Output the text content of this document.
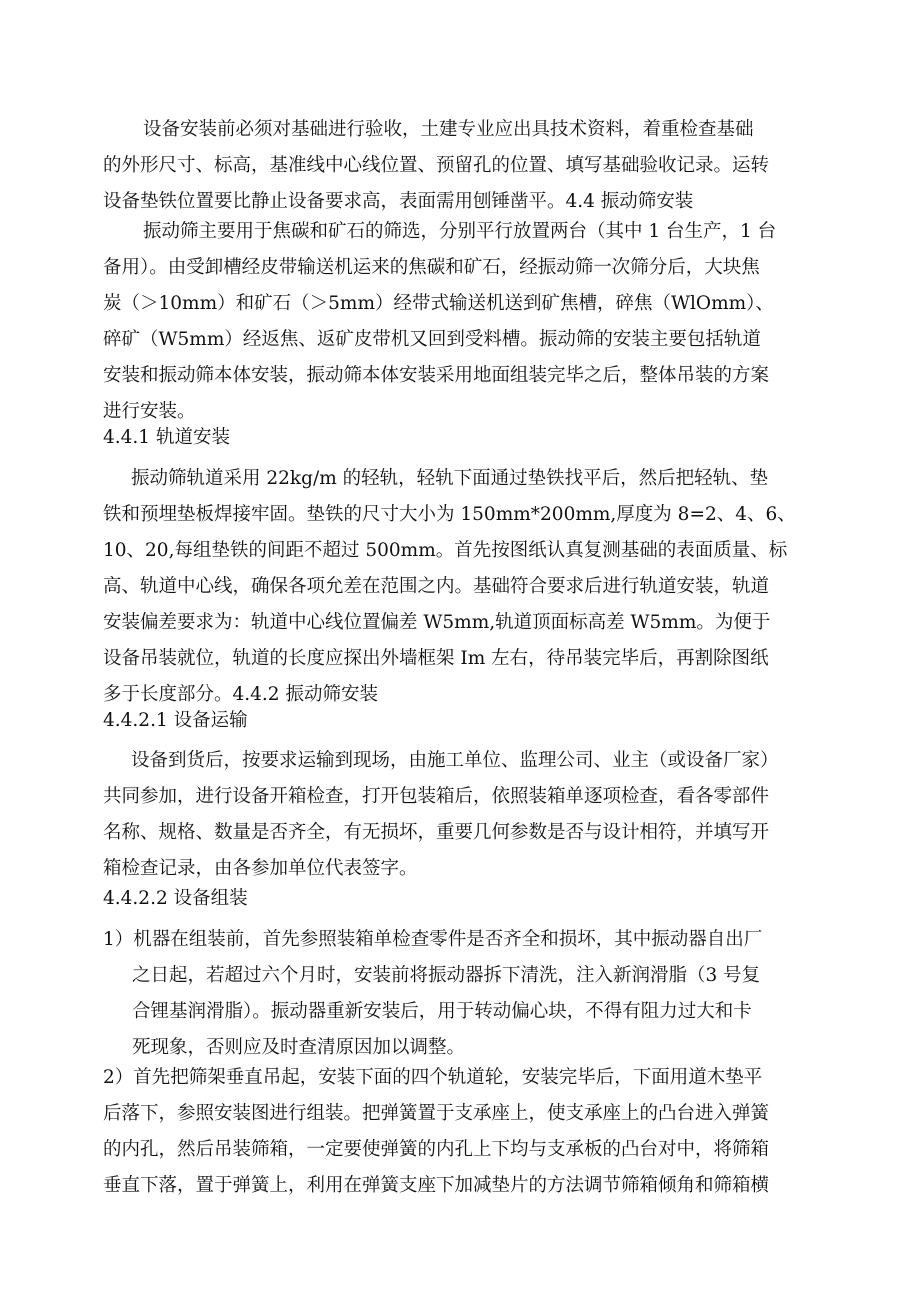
设备安装前必须对基础进行验收，土建专业应出具技术资料，着重检查基础
的外形尺寸、标高，基准线中心线位置、预留孔的位置、填写基础验收记录。运转
设备垫铁位置要比静止设备要求高，表面需用刨锤凿平。4.4 振动筛安装
振动筛主要用于焦碳和矿石的筛选，分别平行放置两台（其中 1 台生产，1 台
备用）。由受卸槽经皮带输送机运来的焦碳和矿石，经振动筛一次筛分后，大块焦
炭（＞10mm）和矿石（＞5mm）经带式输送机送到矿焦槽，碎焦（WlOmm）、
碎矿（W5mm）经返焦、返矿皮带机又回到受料槽。振动筛的安装主要包括轨道
安装和振动筛本体安装，振动筛本体安装采用地面组装完毕之后，整体吊装的方案
进行安装。
4.4.1 轨道安装
振动筛轨道采用 22kg∕m 的轻轨，轻轨下面通过垫铁找平后，然后把轻轨、垫
铁和预埋垫板焊接牢固。垫铁的尺寸大小为 150mm*200mm,厚度为 8=2、4、6、
10、20,每组垫铁的间距不超过 500mm。首先按图纸认真复测基础的表面质量、标
高、轨道中心线，确保各项允差在范围之内。基础符合要求后进行轨道安装，轨道
安装偏差要求为：轨道中心线位置偏差 W5mm,轨道顶面标高差 W5mm。为便于
设备吊装就位，轨道的长度应探出外墙框架 Im 左右，待吊装完毕后，再割除图纸
多于长度部分。4.4.2 振动筛安装
4.4.2.1 设备运输
设备到货后，按要求运输到现场，由施工单位、监理公司、业主（或设备厂家）
共同参加，进行设备开箱检查，打开包装箱后，依照装箱单逐项检查，看各零部件
名称、规格、数量是否齐全，有无损坏，重要几何参数是否与设计相符，并填写开
箱检查记录，由各参加单位代表签字。
4.4.2.2 设备组装
1）机器在组装前，首先参照装箱单检查零件是否齐全和损坏，其中振动器自出厂
之日起，若超过六个月时，安装前将振动器拆下清洗，注入新润滑脂（3 号复
合锂基润滑脂）。振动器重新安装后，用于转动偏心块，不得有阻力过大和卡
死现象，否则应及时查清原因加以调整。
2）首先把筛架垂直吊起，安装下面的四个轨道轮，安装完毕后，下面用道木垫平
后落下，参照安装图进行组装。把弹簧置于支承座上，使支承座上的凸台进入弹簧
的内孔，然后吊装筛箱，一定要使弹簧的内孔上下均与支承板的凸台对中，将筛箱
垂直下落，置于弹簧上，利用在弹簧支座下加减垫片的方法调节筛箱倾角和筛箱横
